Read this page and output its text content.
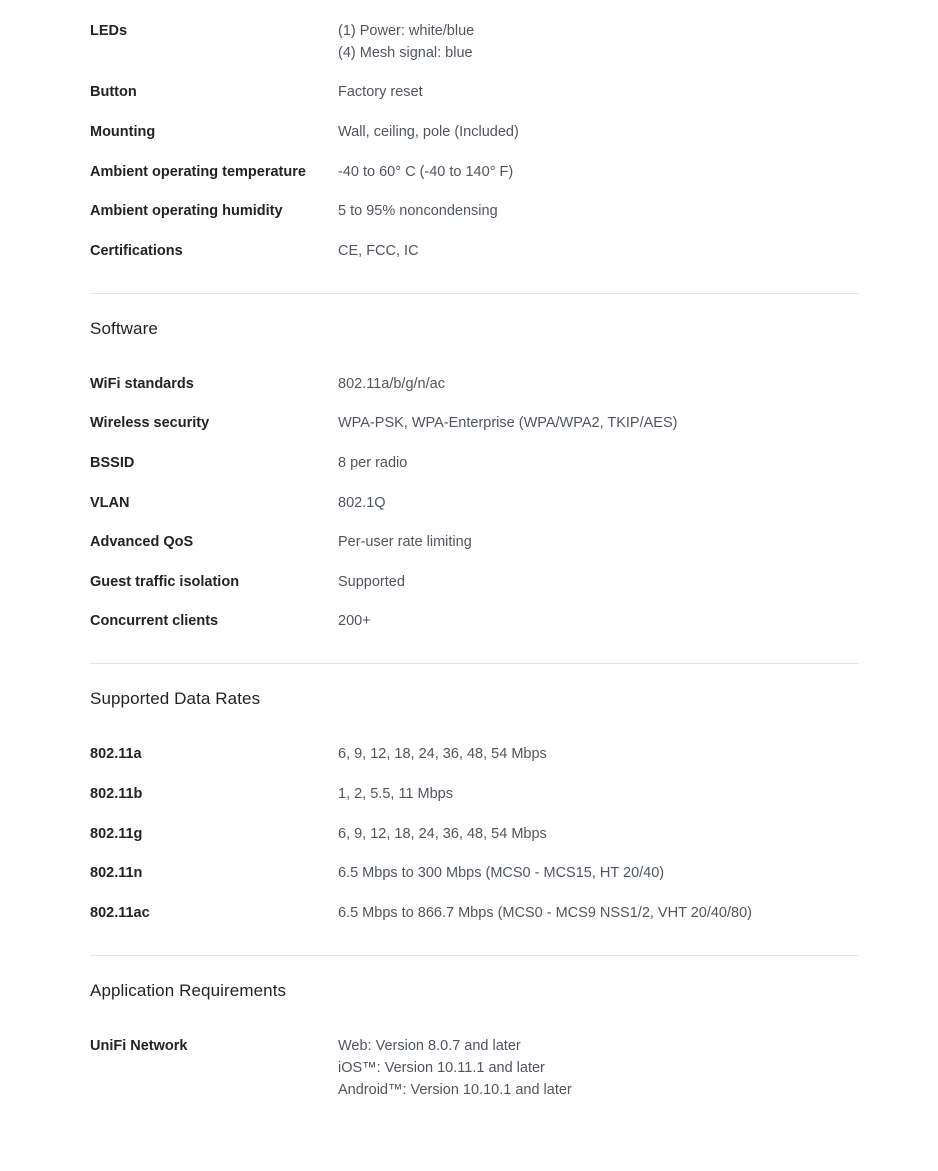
LEDs	(1) Power: white/blue
(4) Mesh signal: blue
Button	Factory reset
Mounting	Wall, ceiling, pole (Included)
Ambient operating temperature	-40 to 60° C (-40 to 140° F)
Ambient operating humidity	5 to 95% noncondensing
Certifications	CE, FCC, IC
Software
WiFi standards	802.11a/b/g/n/ac
Wireless security	WPA-PSK, WPA-Enterprise (WPA/WPA2, TKIP/AES)
BSSID	8 per radio
VLAN	802.1Q
Advanced QoS	Per-user rate limiting
Guest traffic isolation	Supported
Concurrent clients	200+
Supported Data Rates
802.11a	6, 9, 12, 18, 24, 36, 48, 54 Mbps
802.11b	1, 2, 5.5, 11 Mbps
802.11g	6, 9, 12, 18, 24, 36, 48, 54 Mbps
802.11n	6.5 Mbps to 300 Mbps (MCS0 - MCS15, HT 20/40)
802.11ac	6.5 Mbps to 866.7 Mbps (MCS0 - MCS9 NSS1/2, VHT 20/40/80)
Application Requirements
UniFi Network	Web: Version 8.0.7 and later
iOS™: Version 10.11.1 and later
Android™: Version 10.10.1 and later
